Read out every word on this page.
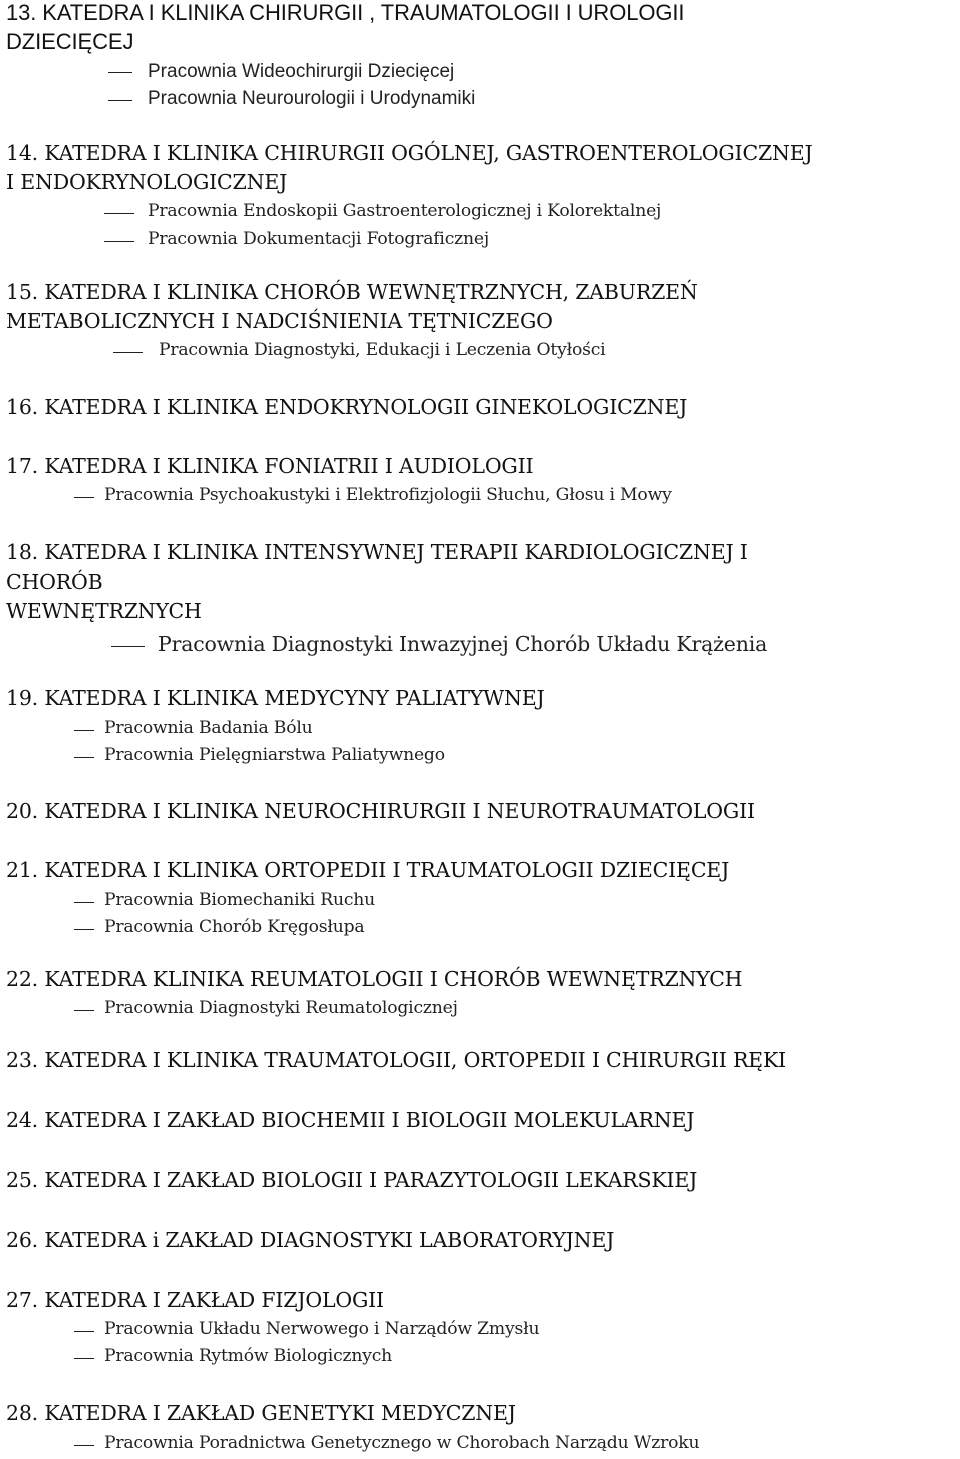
13. KATEDRA I KLINIKA CHIRURGII , TRAUMATOLOGII I UROLOGII
DZIECIĘCEJ
Pracownia Wideochirurgii Dziecięcej
Pracownia Neurourologii i Urodynamiki
14. KATEDRA I KLINIKA CHIRURGII OGÓLNEJ, GASTROENTEROLOGICZNEJ
I ENDOKRYNOLOGICZNEJ
Pracownia Endoskopii Gastroenterologicznej i Kolorektalnej
Pracownia Dokumentacji Fotograficznej
15. KATEDRA I KLINIKA CHORÓB WEWNĘTRZNYCH, ZABURZEŃ
METABOLICZNYCH I NADCIŚNIENIA TĘTNICZEGO
Pracownia Diagnostyki, Edukacji i Leczenia Otyłości
16. KATEDRA I KLINIKA ENDOKRYNOLOGII GINEKOLOGICZNEJ
17. KATEDRA I KLINIKA FONIATRII I AUDIOLOGII
Pracownia Psychoakustyki i Elektrofizjologii Słuchu, Głosu i Mowy
18. KATEDRA I KLINIKA INTENSYWNEJ TERAPII KARDIOLOGICZNEJ I
CHORÓB
WEWNĘTRZNYCH
Pracownia Diagnostyki Inwazyjnej Chorób Układu Krążenia
19. KATEDRA I KLINIKA MEDYCYNY PALIATYWNEJ
Pracownia Badania Bólu
Pracownia Pielęgniarstwa Paliatywnego
20. KATEDRA I KLINIKA NEUROCHIRURGII I NEUROTRAUMATOLOGII
21. KATEDRA I KLINIKA ORTOPEDII I TRAUMATOLOGII DZIECIĘCEJ
Pracownia Biomechaniki Ruchu
Pracownia Chorób Kręgosłupa
22. KATEDRA KLINIKA REUMATOLOGII I CHORÓB WEWNĘTRZNYCH
Pracownia Diagnostyki Reumatologicznej
23. KATEDRA I KLINIKA TRAUMATOLOGII, ORTOPEDII I CHIRURGII RĘKI
24. KATEDRA I ZAKŁAD BIOCHEMII I BIOLOGII MOLEKULARNEJ
25. KATEDRA I ZAKŁAD BIOLOGII I PARAZYTOLOGII LEKARSKIEJ
26. KATEDRA i ZAKŁAD DIAGNOSTYKI LABORATORYJNEJ
27. KATEDRA I ZAKŁAD FIZJOLOGII
Pracownia Układu Nerwowego i Narządów Zmysłu
Pracownia Rytmów Biologicznych
28. KATEDRA I ZAKŁAD GENETYKI MEDYCZNEJ
Pracownia Poradnictwa Genetycznego w Chorobach Narządu Wzroku
